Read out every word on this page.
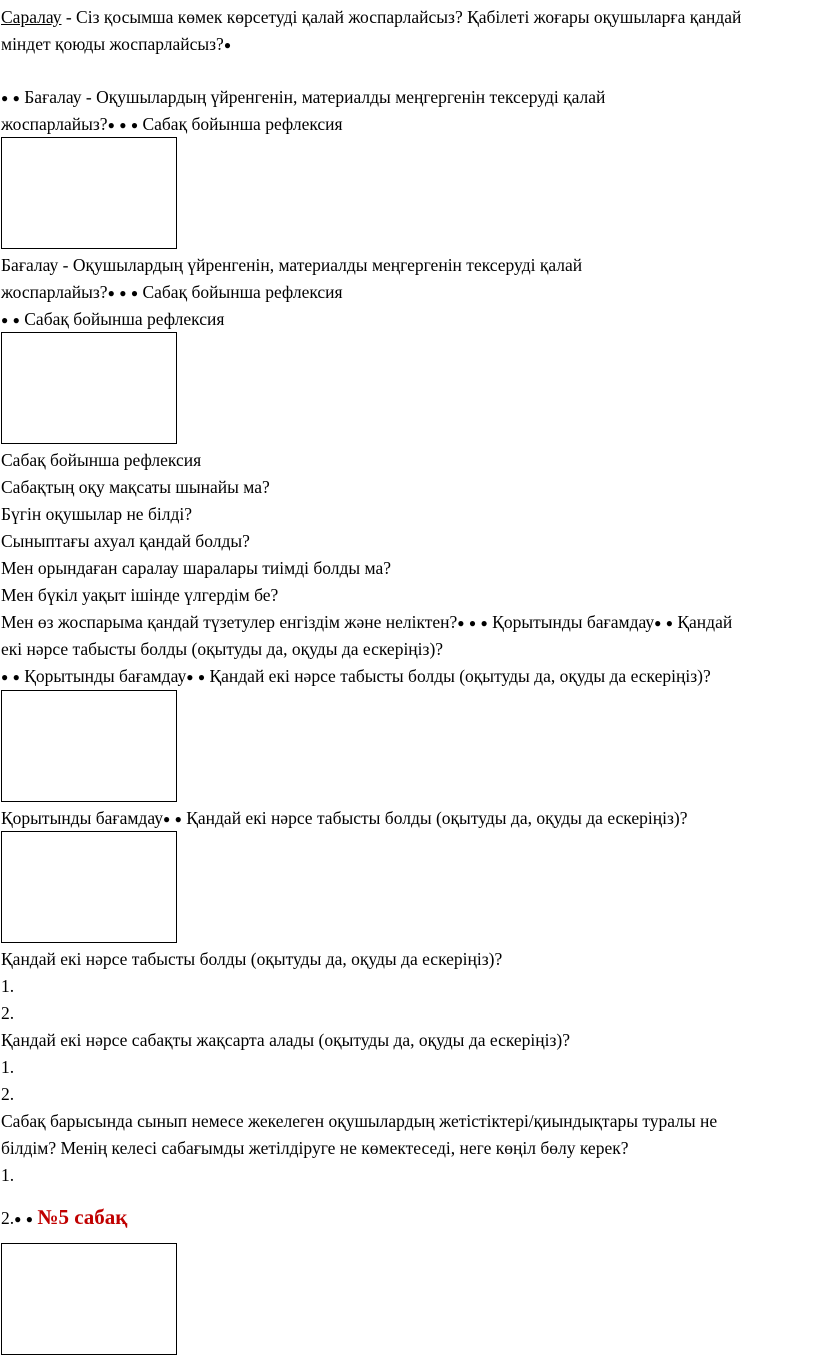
Саралау - Сіз қосымша көмек көрсетуді қалай жоспарлайсыз? Қабілеті жоғары оқушыларға қандай
міндет қоюды жоспарлайсыз?●
● ● Бағалау - Оқушылардың үйренгенін, материалды меңгергенін тексеруді қалай
жоспарлайыз?● ● ● Сабақ бойынша рефлексия
Бағалау - Оқушылардың үйренгенін, материалды меңгергенін тексеруді қалай
жоспарлайыз?● ● ● Сабақ бойынша рефлексия
● ● Сабақ бойынша рефлексия
Сабақ бойынша рефлексия
Сабақтың оқу мақсаты шынайы ма?
Бүгін оқушылар не білді?
Сыныптағы ахуал қандай болды?
Мен орындаған саралау шаралары тиімді болды ма?
Мен бүкіл уақыт ішінде үлгердім бе?
Мен өз жоспарыма қандай түзетулер енгіздім және неліктен?● ● ● Қорытынды бағамдау● ● Қандай
екі нәрсе табысты болды (оқытуды да, оқуды да ескеріңіз)?
● ● Қорытынды бағамдау● ● Қандай екі нәрсе табысты болды (оқытуды да, оқуды да ескеріңіз)?
Қорытынды бағамдау● ● Қандай екі нәрсе табысты болды (оқытуды да, оқуды да ескеріңіз)?
Қандай екі нәрсе табысты болды (оқытуды да, оқуды да ескеріңіз)?
1.
2.
Қандай екі нәрсе сабақты жақсарта алады (оқытуды да, оқуды да ескеріңіз)?
1.
2.
Сабақ барысында сынып немесе жекелеген оқушылардың жетістіктері/қиындықтары туралы не
білдім? Менің келесі сабағымды жетілдіруге не көмектеседі, неге көңіл бөлу керек?
1.
2.● ● №5 сабақ
